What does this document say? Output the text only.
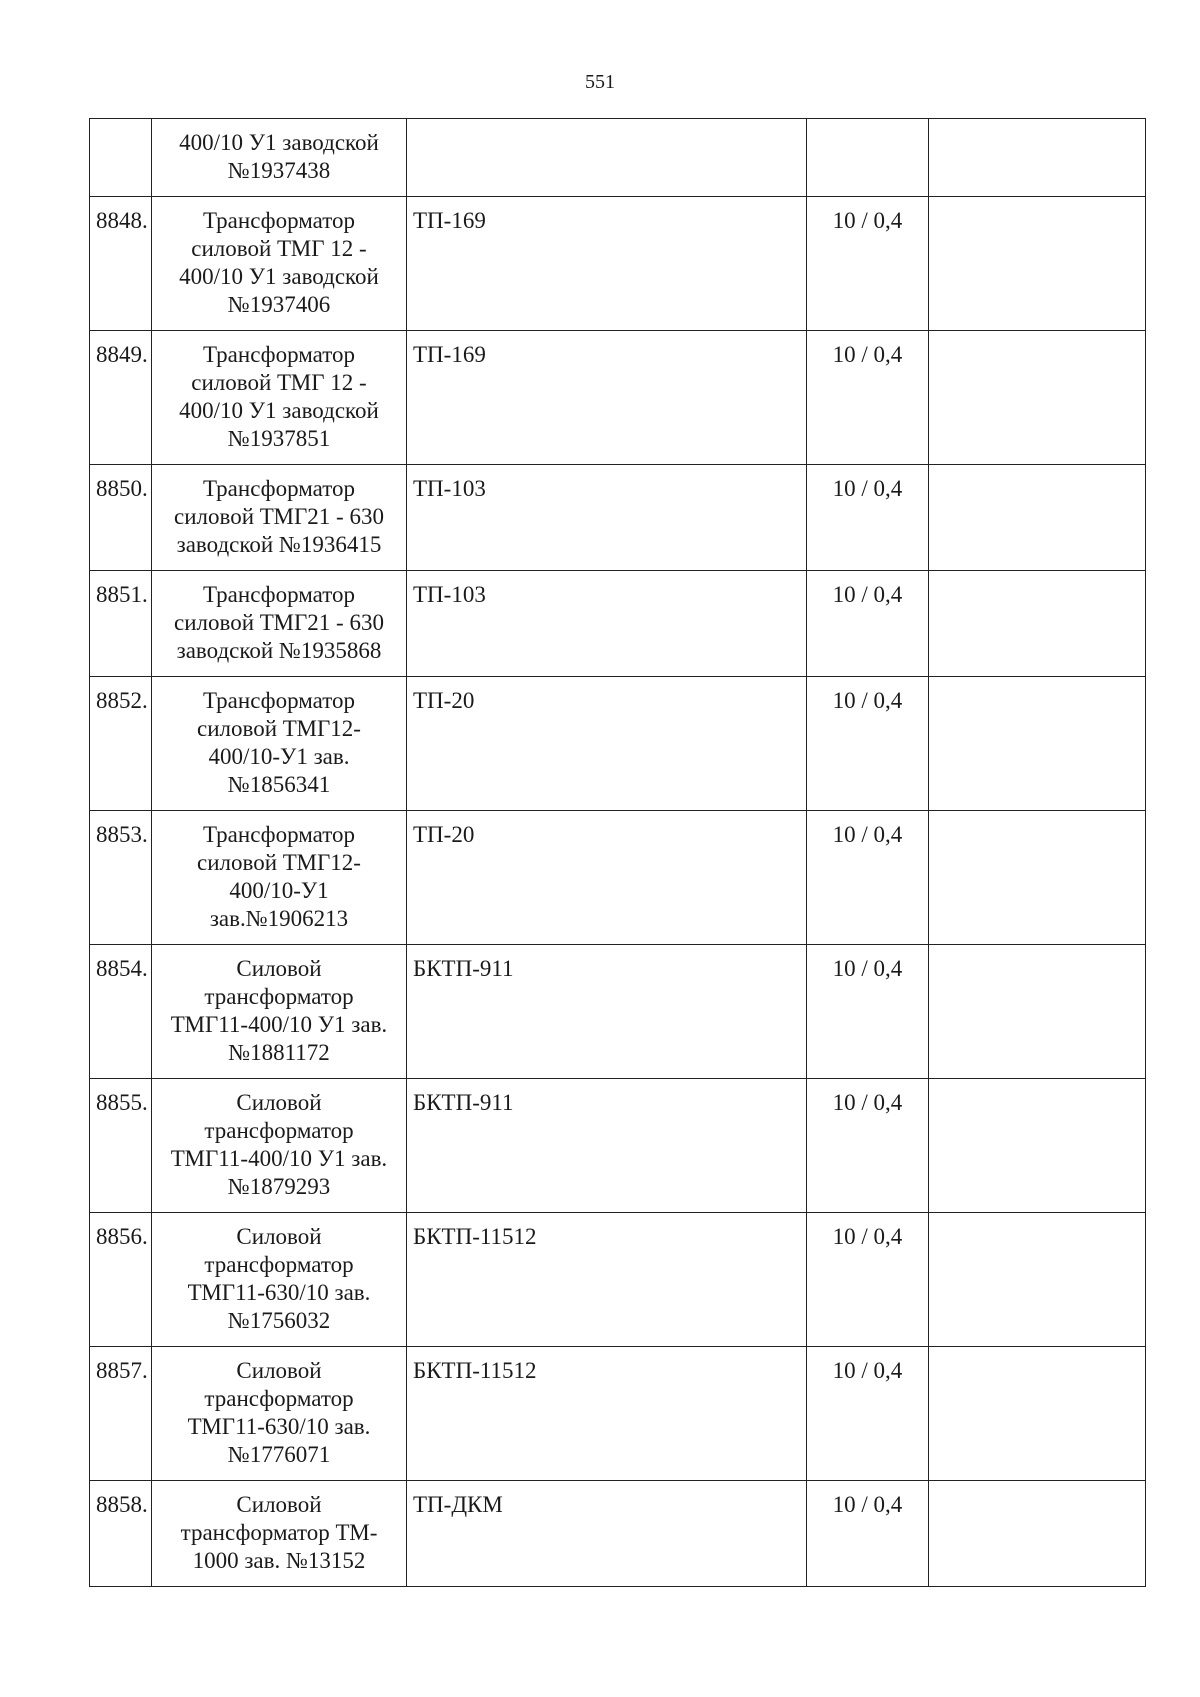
551

	400/10 У1 заводской
№1937438			

8848.	Трансформатор
силовой ТМГ 12 -
400/10 У1 заводской
№1937406	ТП-169	10 / 0,4	

8849.	Трансформатор
силовой ТМГ 12 -
400/10 У1 заводской
№1937851	ТП-169	10 / 0,4	

8850.	Трансформатор
силовой ТМГ21 - 630
заводской №1936415	ТП-103	10 / 0,4	

8851.	Трансформатор
силовой ТМГ21 - 630
заводской №1935868	ТП-103	10 / 0,4	

8852.	Трансформатор
силовой ТМГ12-
400/10-У1 зав.
№1856341	ТП-20	10 / 0,4	

8853.	Трансформатор
силовой ТМГ12-
400/10-У1
зав.№1906213	ТП-20	10 / 0,4	

8854.	Силовой
трансформатор
ТМГ11-400/10 У1 зав.
№1881172	БКТП-911	10 / 0,4	

8855.	Силовой
трансформатор
ТМГ11-400/10 У1 зав.
№1879293	БКТП-911	10 / 0,4	

8856.	Силовой
трансформатор
ТМГ11-630/10 зав.
№1756032	БКТП-11512	10 / 0,4	

8857.	Силовой
трансформатор
ТМГ11-630/10 зав.
№1776071	БКТП-11512	10 / 0,4	

8858.	Силовой
трансформатор ТМ-
1000 зав. №13152	ТП-ДКМ	10 / 0,4	
